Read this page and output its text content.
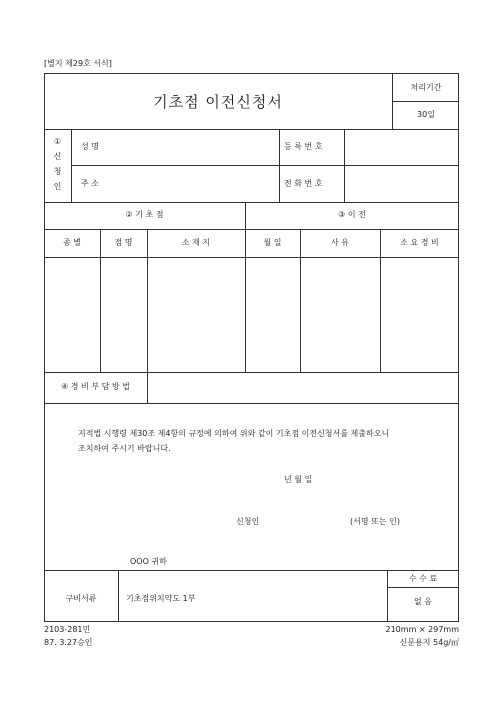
[별지 제29호 서식]
기초점 이전신청서
처리기간
30일
①
신
청
인
성 명	등 록 번 호
주 소	전 화 번 호
② 기 초 점	③ 이 전
종 별	점 명	소 재 지	월 일	사 유	소 요 경 비
④ 경 비 부 담 방 법
지적법 시행령 제30조 제4항의 규정에 의하여 위와 같이 기초점 이전신청서를 제출하오니
조치하여 주시기 바랍니다.
년 월 일
신청인	(서명 또는 인)
OOO 귀하
구비서류	기초점위치약도 1부
수 수 료
없 음
2103-281민
87. 3.27승인
210mm × 297mm
신문용지 54g/㎡
